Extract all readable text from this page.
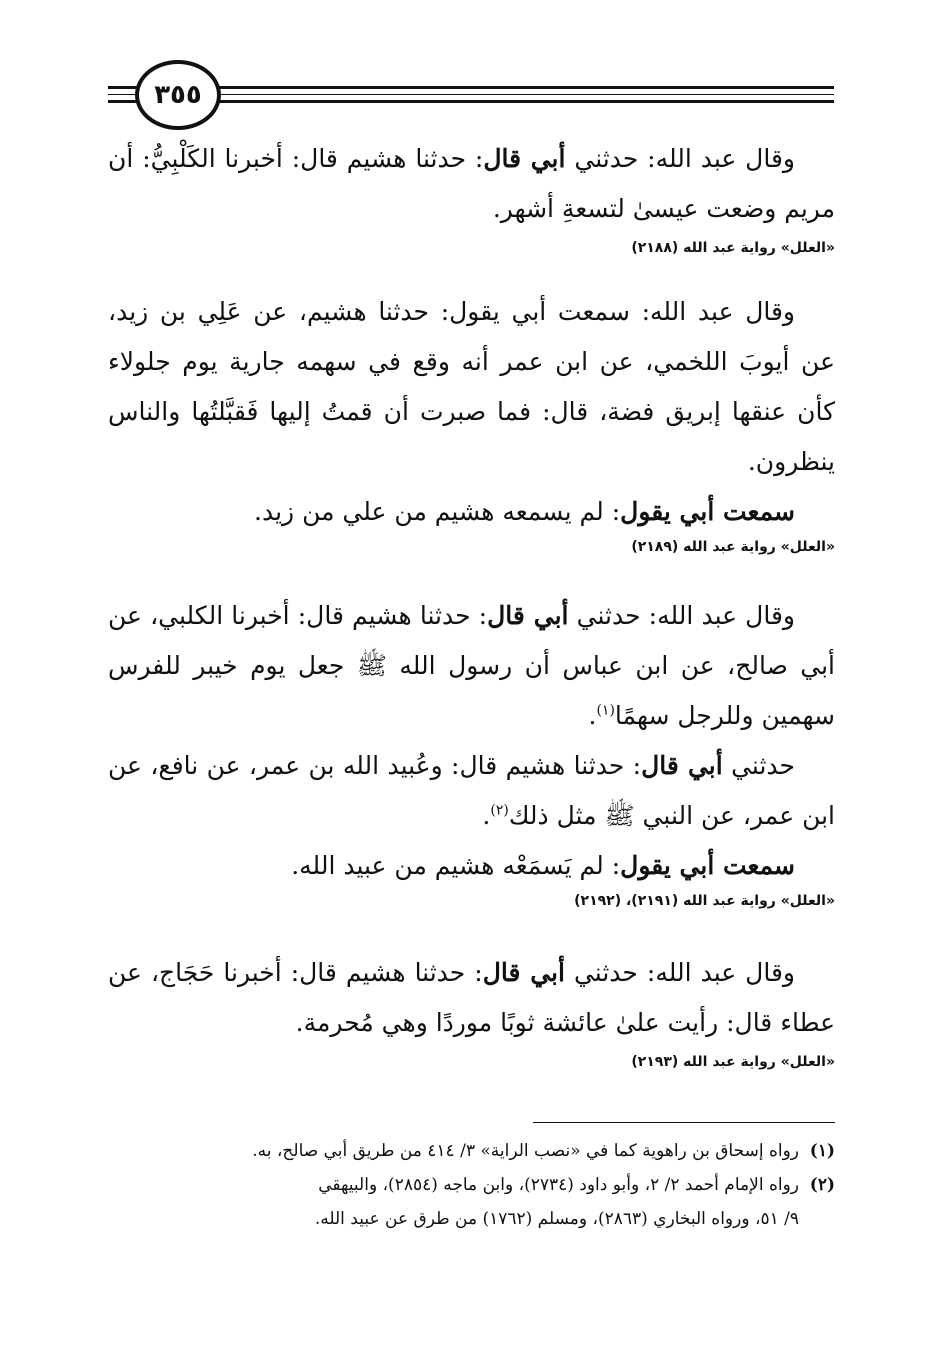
٣٥٥

وقال عبد الله: حدثني أبي قال: حدثنا هشيم قال: أخبرنا الكَلْبِيُّ: أن مريم وضعت عيسىٰ لتسعةِ أشهر.

«العلل» رواية عبد الله (٢١٨٨)

وقال عبد الله: سمعت أبي يقول: حدثنا هشيم، عن عَلِي بن زيد، عن أيوبَ اللخمي، عن ابن عمر أنه وقع في سهمه جارية يوم جلولاء كأن عنقها إبريق فضة، قال: فما صبرت أن قمتُ إليها فَقبَّلتُها والناس ينظرون.

سمعت أبي يقول: لم يسمعه هشيم من علي من زيد.

«العلل» رواية عبد الله (٢١٨٩)

وقال عبد الله: حدثني أبي قال: حدثنا هشيم قال: أخبرنا الكلبي، عن أبي صالح، عن ابن عباس أن رسول الله ﷺ جعل يوم خيبر للفرس سهمين وللرجل سهمًا$^{(١)}$.

حدثني أبي قال: حدثنا هشيم قال: وعُبيد الله بن عمر، عن نافع، عن ابن عمر، عن النبي ﷺ مثل ذلك$^{(٢)}$.

سمعت أبي يقول: لم يَسمَعْه هشيم من عبيد الله.

«العلل» رواية عبد الله (٢١٩١)، (٢١٩٢)

وقال عبد الله: حدثني أبي قال: حدثنا هشيم قال: أخبرنا حَجَاج، عن عطاء قال: رأيت علىٰ عائشة ثوبًا موردًا وهي مُحرمة.

«العلل» رواية عبد الله (٢١٩٣)

(١)رواه إسحاق بن راهوية كما في «نصب الراية» ٣/ ٤١٤ من طريق أبي صالح، به.

(٢)رواه الإمام أحمد ٢/ ٢، وأبو داود (٢٧٣٤)، وابن ماجه (٢٨٥٤)، والبيهقي

٩/ ٥١، ورواه البخاري (٢٨٦٣)، ومسلم (١٧٦٢) من طرق عن عبيد الله.
